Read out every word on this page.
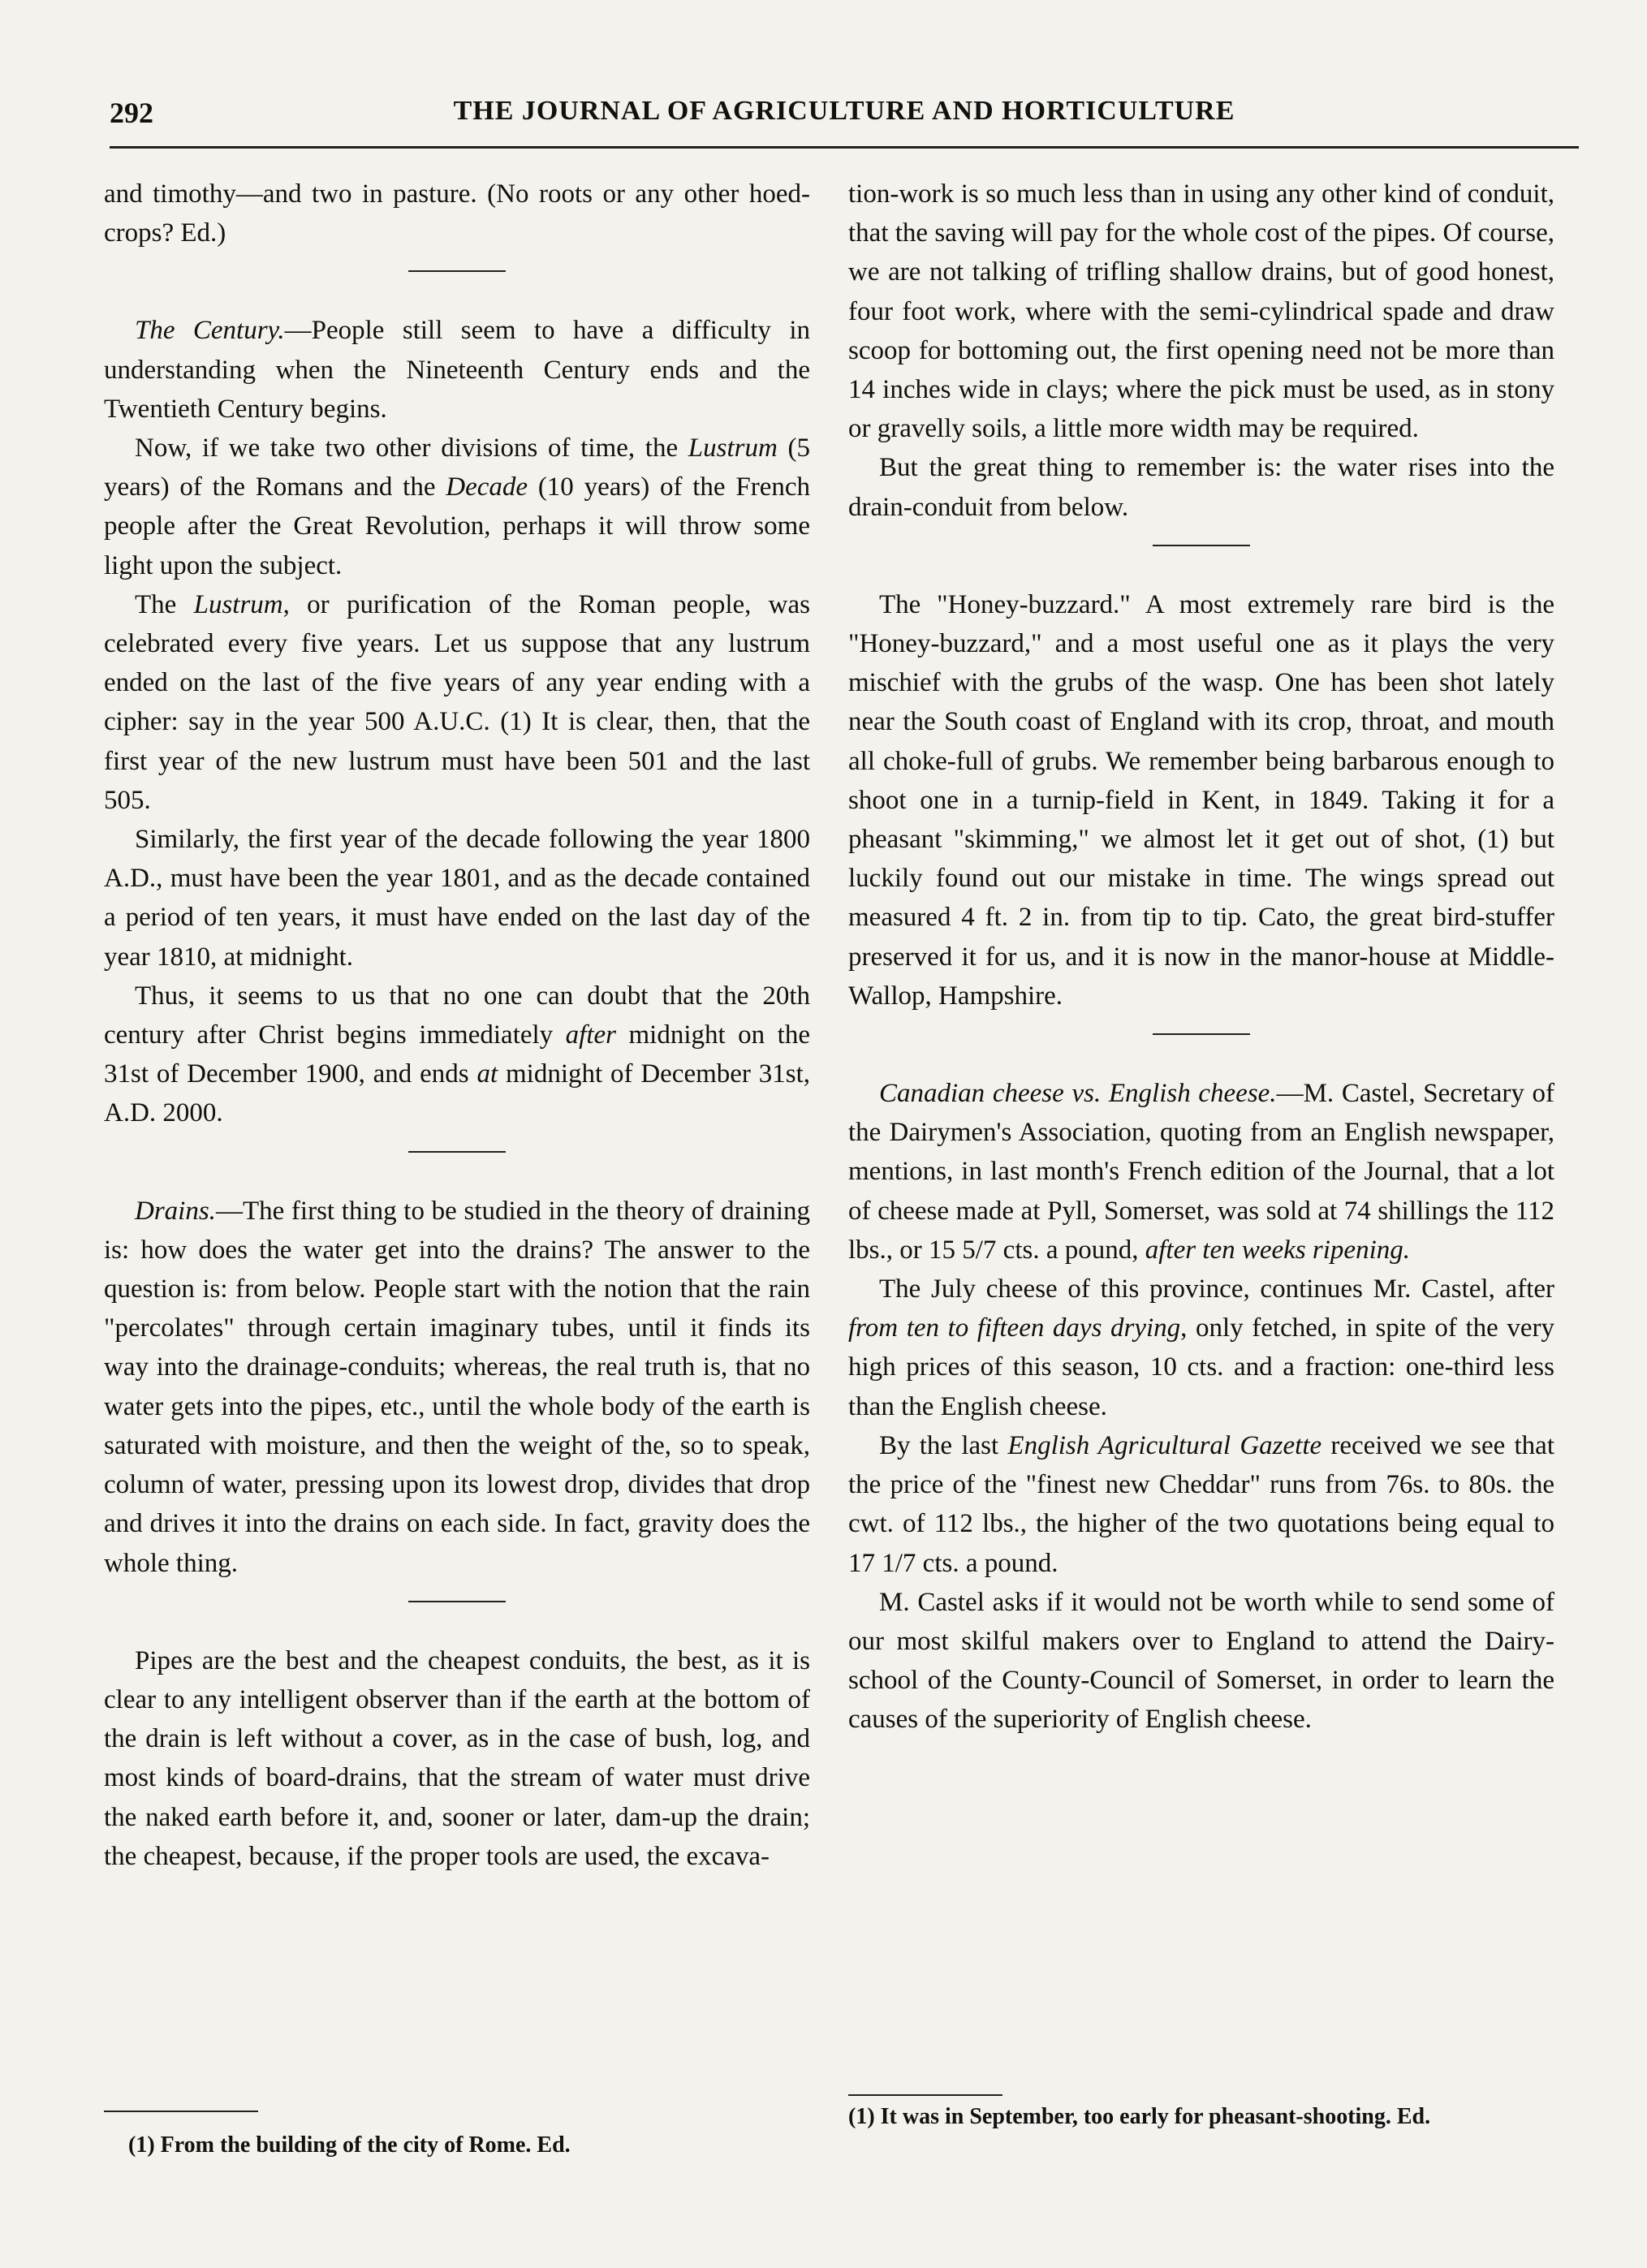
292	THE JOURNAL OF AGRICULTURE AND HORTICULTURE

and timothy—and two in pasture. (No roots or any other hoed-crops? Ed.)

The Century.—People still seem to have a difficulty in understanding when the Nineteenth Century ends and the Twentieth Century begins.

Now, if we take two other divisions of time, the Lustrum (5 years) of the Romans and the Decade (10 years) of the French people after the Great Revolution, perhaps it will throw some light upon the subject.

The Lustrum, or purification of the Roman people, was celebrated every five years. Let us suppose that any lustrum ended on the last of the five years of any year ending with a cipher: say in the year 500 A.U.C. (1) It is clear, then, that the first year of the new lustrum must have been 501 and the last 505.

Similarly, the first year of the decade following the year 1800 A.D., must have been the year 1801, and as the decade contained a period of ten years, it must have ended on the last day of the year 1810, at midnight.

Thus, it seems to us that no one can doubt that the 20th century after Christ begins immediately after midnight on the 31st of December 1900, and ends at midnight of December 31st, A.D. 2000.

Drains.—The first thing to be studied in the theory of draining is: how does the water get into the drains? The answer to the question is: from below. People start with the notion that the rain "percolates" through certain imaginary tubes, until it finds its way into the drainage-conduits; whereas, the real truth is, that no water gets into the pipes, etc., until the whole body of the earth is saturated with moisture, and then the weight of the, so to speak, column of water, pressing upon its lowest drop, divides that drop and drives it into the drains on each side. In fact, gravity does the whole thing.

Pipes are the best and the cheapest conduits, the best, as it is clear to any intelligent observer than if the earth at the bottom of the drain is left without a cover, as in the case of bush, log, and most kinds of board-drains, that the stream of water must drive the naked earth before it, and, sooner or later, dam-up the drain; the cheapest, because, if the proper tools are used, the excava-

(1) From the building of the city of Rome. Ed.

tion-work is so much less than in using any other kind of conduit, that the saving will pay for the whole cost of the pipes. Of course, we are not talking of trifling shallow drains, but of good honest, four foot work, where with the semi-cylindrical spade and draw scoop for bottoming out, the first opening need not be more than 14 inches wide in clays; where the pick must be used, as in stony or gravelly soils, a little more width may be required.

But the great thing to remember is: the water rises into the drain-conduit from below.

The "Honey-buzzard." A most extremely rare bird is the "Honey-buzzard," and a most useful one as it plays the very mischief with the grubs of the wasp. One has been shot lately near the South coast of England with its crop, throat, and mouth all choke-full of grubs. We remember being barbarous enough to shoot one in a turnip-field in Kent, in 1849. Taking it for a pheasant "skimming," we almost let it get out of shot, (1) but luckily found out our mistake in time. The wings spread out measured 4 ft. 2 in. from tip to tip. Cato, the great bird-stuffer preserved it for us, and it is now in the manor-house at Middle-Wallop, Hampshire.

Canadian cheese vs. English cheese.—M. Castel, Secretary of the Dairymen's Association, quoting from an English newspaper, mentions, in last month's French edition of the Journal, that a lot of cheese made at Pyll, Somerset, was sold at 74 shillings the 112 lbs., or 15 5/7 cts. a pound, after ten weeks ripening.

The July cheese of this province, continues Mr. Castel, after from ten to fifteen days drying, only fetched, in spite of the very high prices of this season, 10 cts. and a fraction: one-third less than the English cheese.

By the last English Agricultural Gazette received we see that the price of the "finest new Cheddar" runs from 76s. to 80s. the cwt. of 112 lbs., the higher of the two quotations being equal to 17 1/7 cts. a pound.

M. Castel asks if it would not be worth while to send some of our most skilful makers over to England to attend the Dairy-school of the County-Council of Somerset, in order to learn the causes of the superiority of English cheese.

(1) It was in September, too early for pheasant-shooting. Ed.
